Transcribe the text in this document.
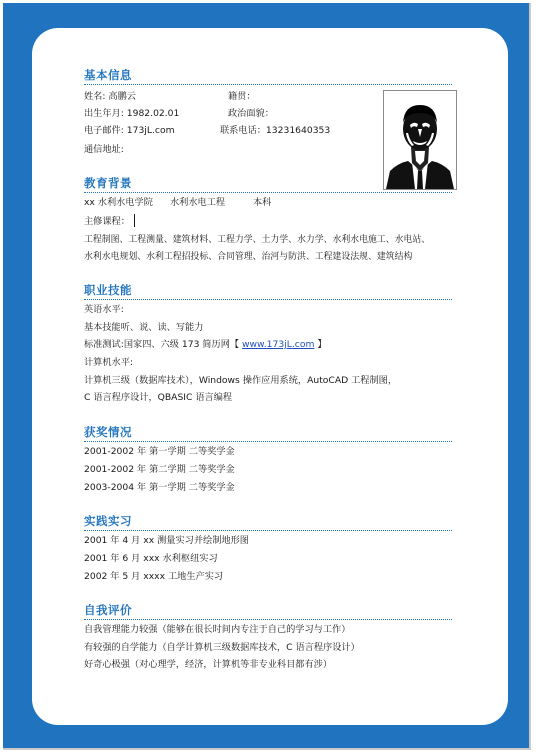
基本信息
姓名: 高鹏云	籍贯：
出生年月: 1982.02.01	政治面貌：
电子邮件: 173jL.com	联系电话：13231640353
通信地址:
教育背景
xx 水利水电学院 水利水电工程	本科
主修课程：
工程制图、工程测量、建筑材料、工程力学、土力学、水力学、水利水电施工、水电站、
水利水电规划、水利工程招投标、合同管理、治河与防洪、工程建设法规、建筑结构
职业技能
英语水平:
基本技能听、说、读、写能力
标准测试:国家四、六级 173 简历网【 www.173jL.com 】
计算机水平:
计算机三级（数据库技术），Windows 操作应用系统，AutoCAD 工程制图，
C 语言程序设计，QBASIC 语言编程
获奖情况
2001-2002 年 第一学期 二等奖学金
2001-2002 年 第二学期 二等奖学金
2003-2004 年 第一学期 二等奖学金
实践实习
2001 年 4 月 xx 测量实习并绘制地形图
2001 年 6 月 xxx 水利枢纽实习
2002 年 5 月 xxxx 工地生产实习
自我评价
自我管理能力较强（能够在很长时间内专注于自己的学习与工作）
有较强的自学能力（自学计算机三级数据库技术，C 语言程序设计）
好奇心极强（对心理学，经济，计算机等非专业科目都有涉）
